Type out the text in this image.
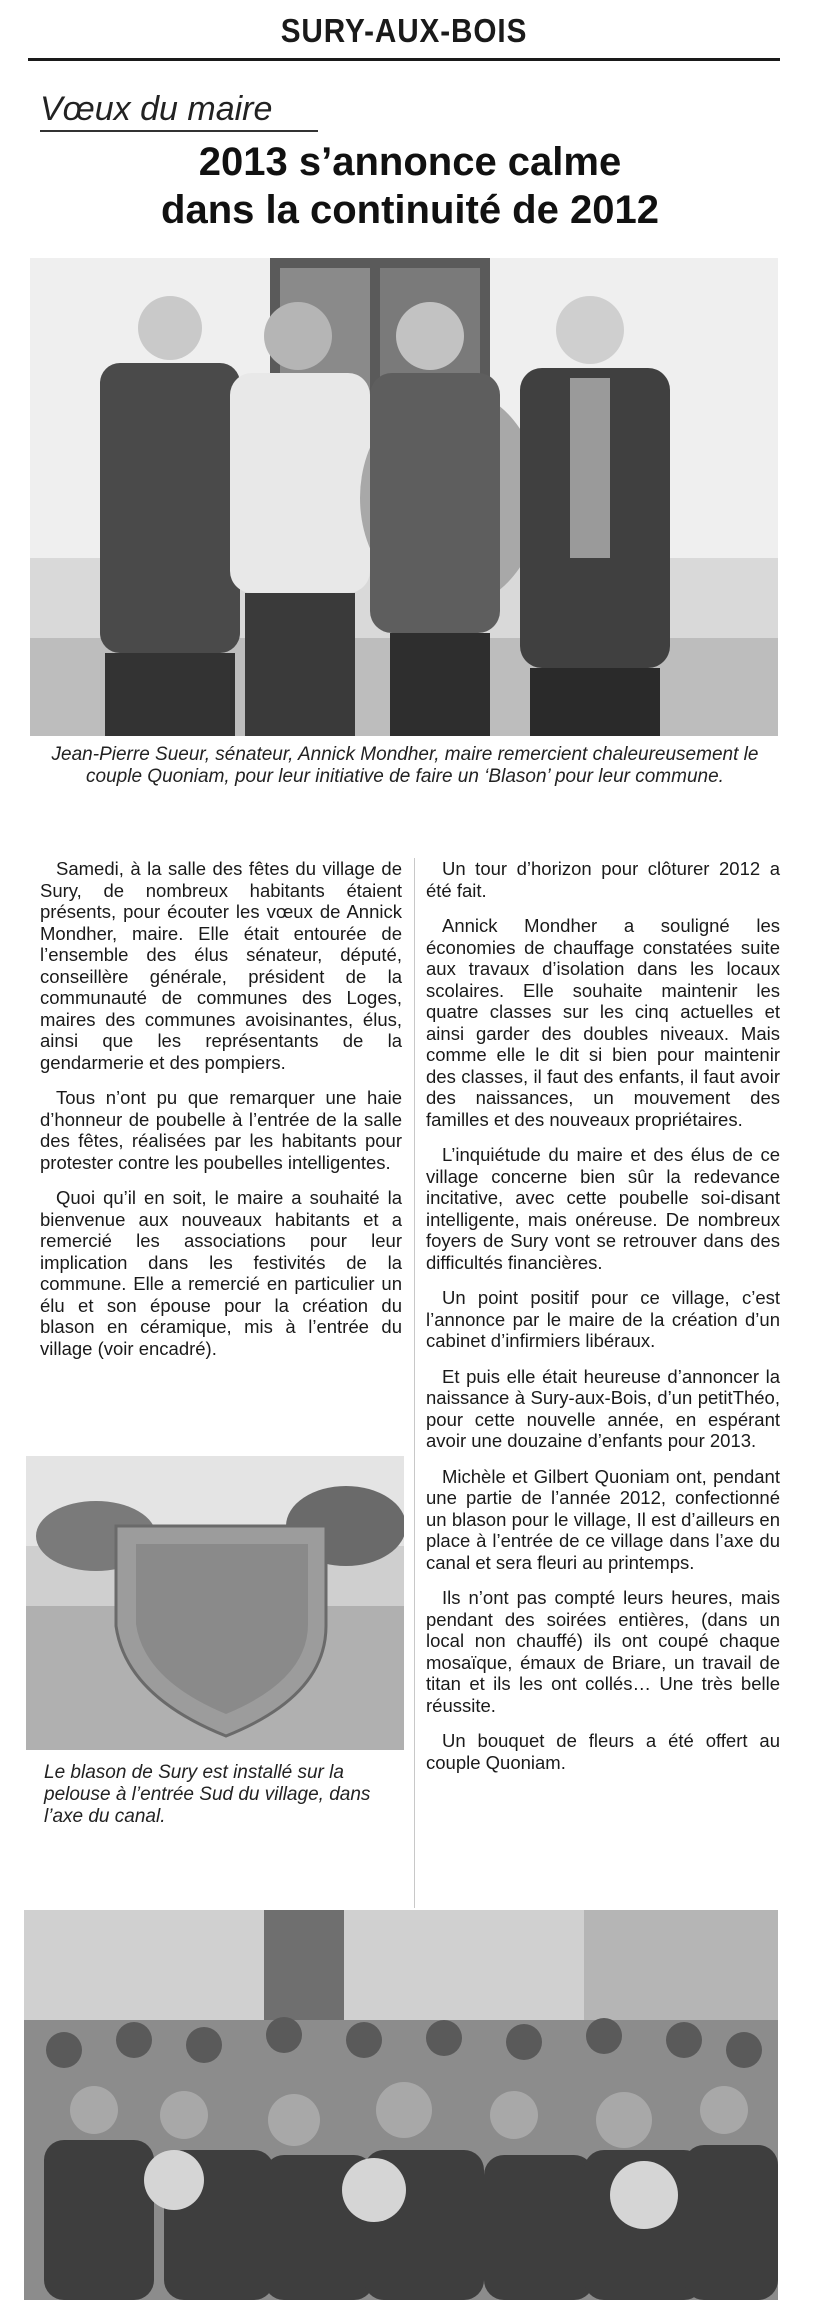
SURY-AUX-BOIS
Vœux du maire
2013 s’annonce calme
dans la continuité de 2012
Jean-Pierre Sueur, sénateur, Annick Mondher, maire remercient chaleureusement le couple Quoniam, pour leur initiative de faire un ‘Blason’ pour leur commune.

Samedi, à la salle des fêtes du village de Sury, de nombreux habitants étaient présents, pour écouter les vœux de Annick Mondher, maire. Elle était entourée de l’ensemble des élus sénateur, député, conseillère générale, président de la communauté de communes des Loges, maires des communes avoisinantes, élus, ainsi que les représentants de la gendarmerie et des pompiers.

Tous n’ont pu que remarquer une haie d’honneur de poubelle à l’entrée de la salle des fêtes, réalisées par les habitants pour protester contre les poubelles intelligentes.

Quoi qu’il en soit, le maire a souhaité la bienvenue aux nouveaux habitants et a remercié les associations pour leur implication dans les festivités de la commune. Elle a remercié en particulier un élu et son épouse pour la création du blason en céramique, mis à l’entrée du village (voir encadré).

Le blason de Sury est installé sur la pelouse à l’entrée Sud du village, dans l’axe du canal.

Un tour d’horizon pour clôturer 2012 a été fait.

Annick Mondher a souligné les économies de chauffage constatées suite aux travaux d’isolation dans les locaux scolaires. Elle souhaite maintenir les quatre classes sur les cinq actuelles et ainsi garder des doubles niveaux. Mais comme elle le dit si bien pour maintenir des classes, il faut des enfants, il faut avoir des naissances, un mouvement des familles et des nouveaux propriétaires.

L’inquiétude du maire et des élus de ce village concerne bien sûr la redevance incitative, avec cette poubelle soi-disant intelligente, mais onéreuse. De nombreux foyers de Sury vont se retrouver dans des difficultés financières.

Un point positif pour ce village, c’est l’annonce par le maire de la création d’un cabinet d’infirmiers libéraux.

Et puis elle était heureuse d’annoncer la naissance à Sury-aux-Bois, d’un petitThéo, pour cette nouvelle année, en espérant avoir une douzaine d’enfants pour 2013.

Michèle et Gilbert Quoniam ont, pendant une partie de l’année 2012, confectionné un blason pour le village, Il est d’ailleurs en place à l’entrée de ce village dans l’axe du canal et sera fleuri au printemps.

Ils n’ont pas compté leurs heures, mais pendant des soirées entières, (dans un local non chauffé) ils ont coupé chaque mosaïque, émaux de Briare, un travail de titan et ils les ont collés… Une très belle réussite.

Un bouquet de fleurs a été offert au couple Quoniam.
